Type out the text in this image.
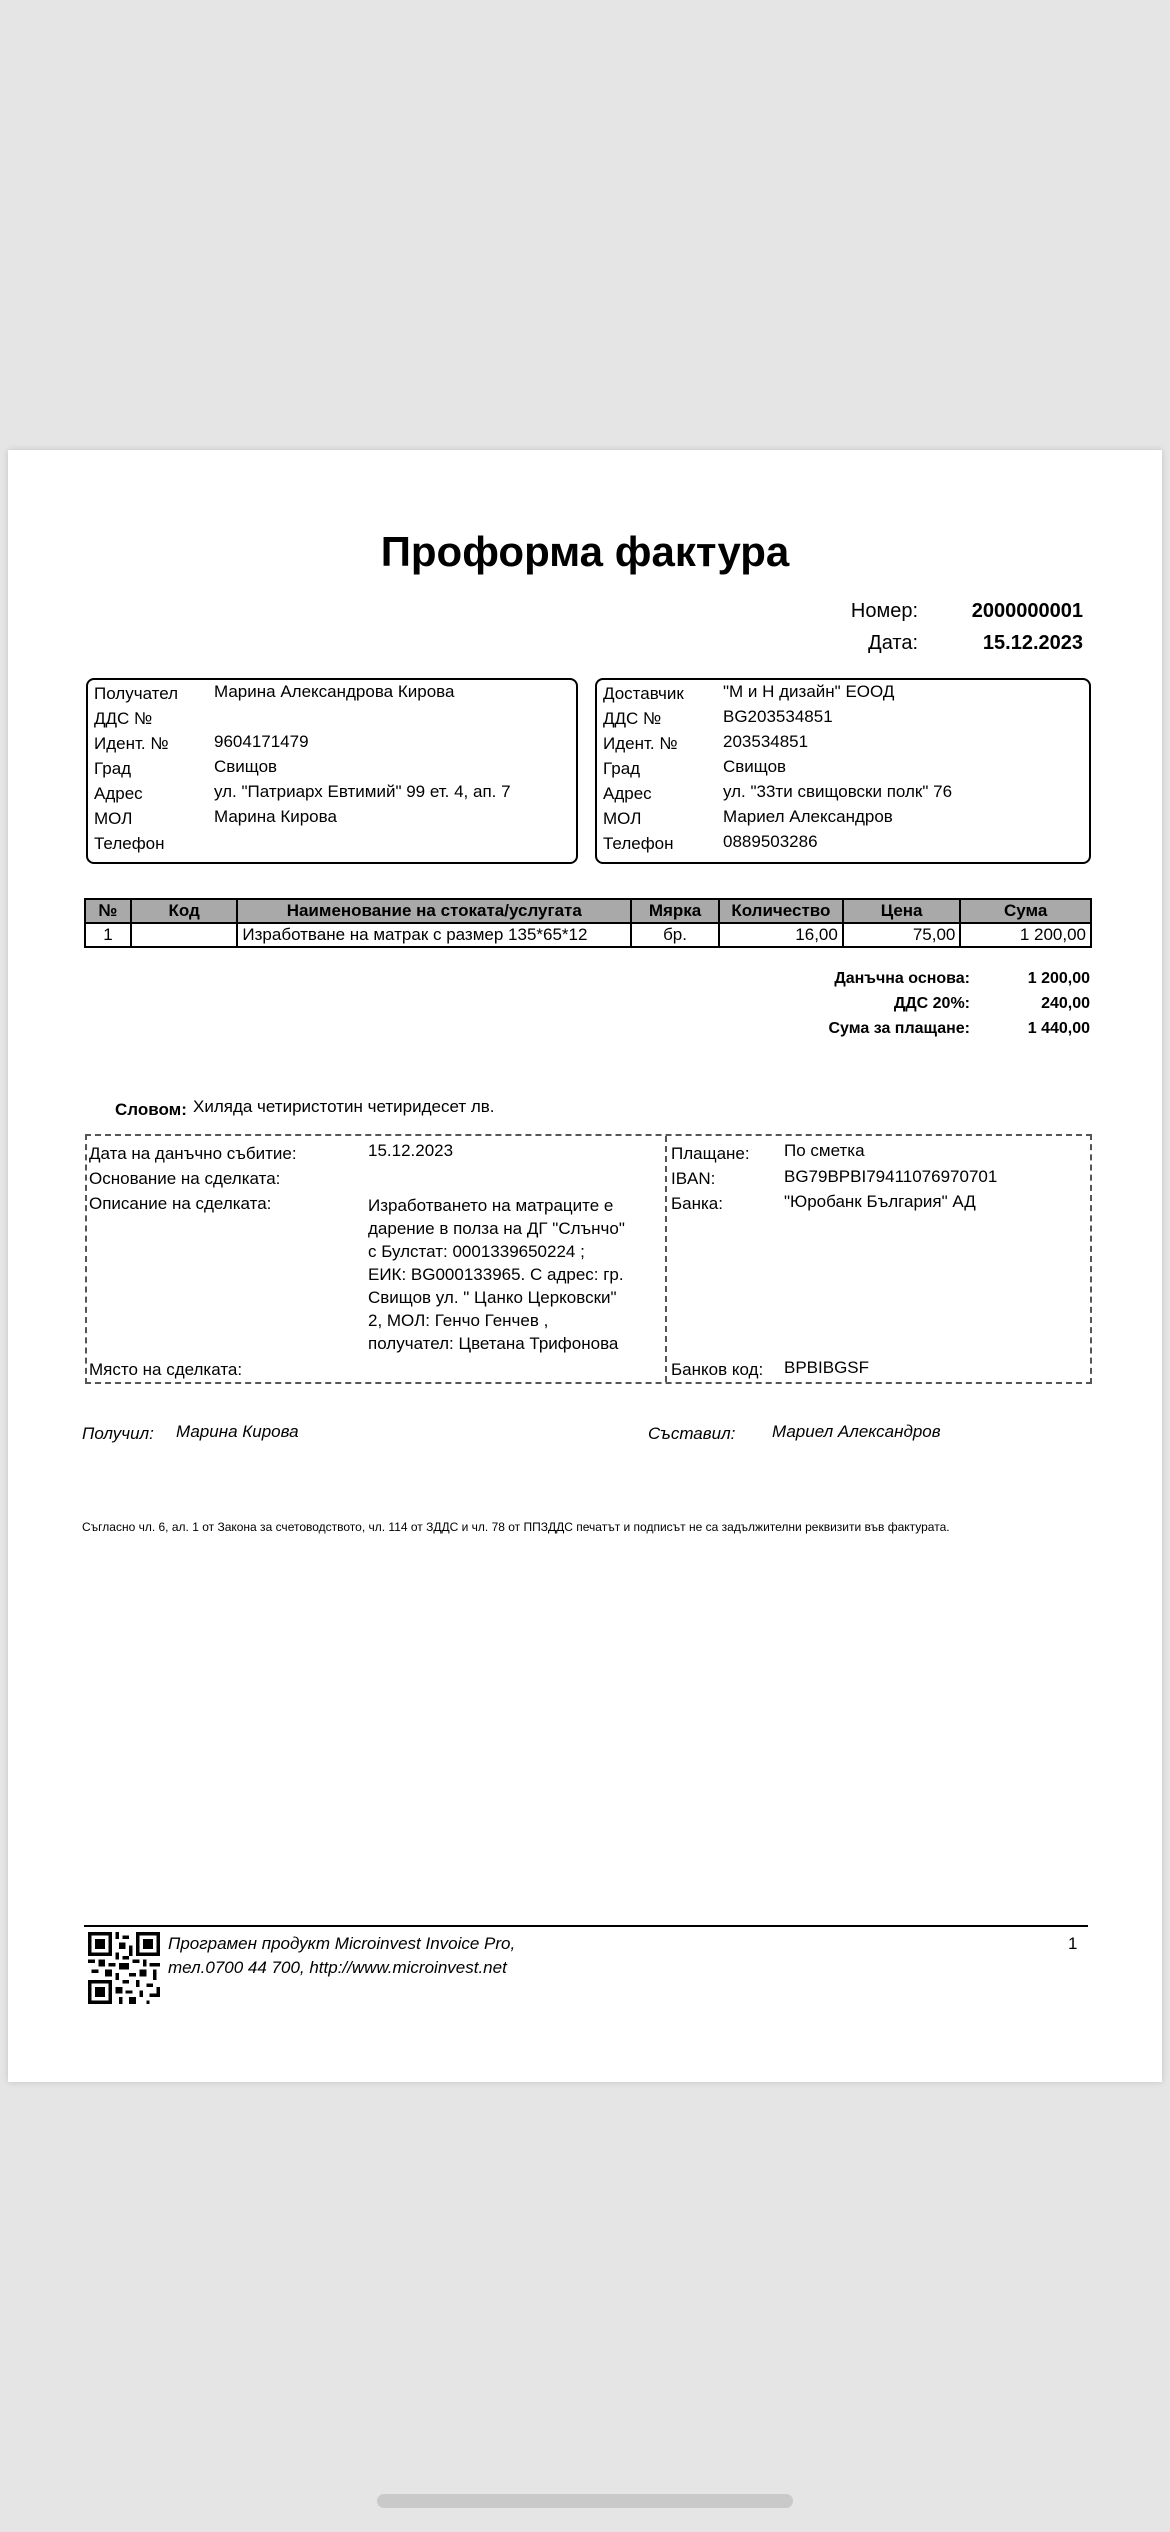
Проформа фактура
Номер:	2000000001
Дата:	15.12.2023
Получател Марина Александрова Кирова
ДДС №
Идент. №	9604171479
Град	Свищов
Адрес	ул. "Патриарх Евтимий" 99 ет. 4, ап. 7
МОЛ	Марина Кирова
Телефон
Доставчик "М и Н дизайн" ЕООД
ДДС №	BG203534851
Идент. №	203534851
Град	Свищов
Адрес	ул. "33ти свищовски полк" 76
МОЛ	Мариел Александров
Телефон	0889503286
№	Код	Наименование на стоката/услугата	Мярка	Количество	Цена	Сума
1		Изработване на матрак с размер 135*65*12	бр.	16,00	75,00	1 200,00
Данъчна основа:	1 200,00
ДДС 20%:	240,00
Сума за плащане:	1 440,00
Словом: Хиляда четиристотин четиридесет лв.
Дата на данъчно събитие:	15.12.2023
Основание на сделката:
Описание на сделката:	Изработването на матраците е
дарение в полза на ДГ "Слънчо"
с Булстат: 0001339650224 ;
ЕИК: BG000133965. С адрес: гр.
Свищов ул. " Цанко Церковски"
2, МОЛ: Генчо Генчев ,
получател: Цветана Трифонова
Място на сделката:
Плащане: По сметка
IBAN:	BG79BPBI79411076970701
Банка:	"Юробанк България" АД
Банков код: BPBIBGSF
Получил: Марина Кирова	Съставил: Мариел Александров
Съгласно чл. 6, ал. 1 от Закона за счетоводството, чл. 114 от ЗДДС и чл. 78 от ППЗДДС печатът и подписът не са задължителни реквизити във фактурата.
Програмен продукт Microinvest Invoice Pro,
тел.0700 44 700, http://www.microinvest.net
1
